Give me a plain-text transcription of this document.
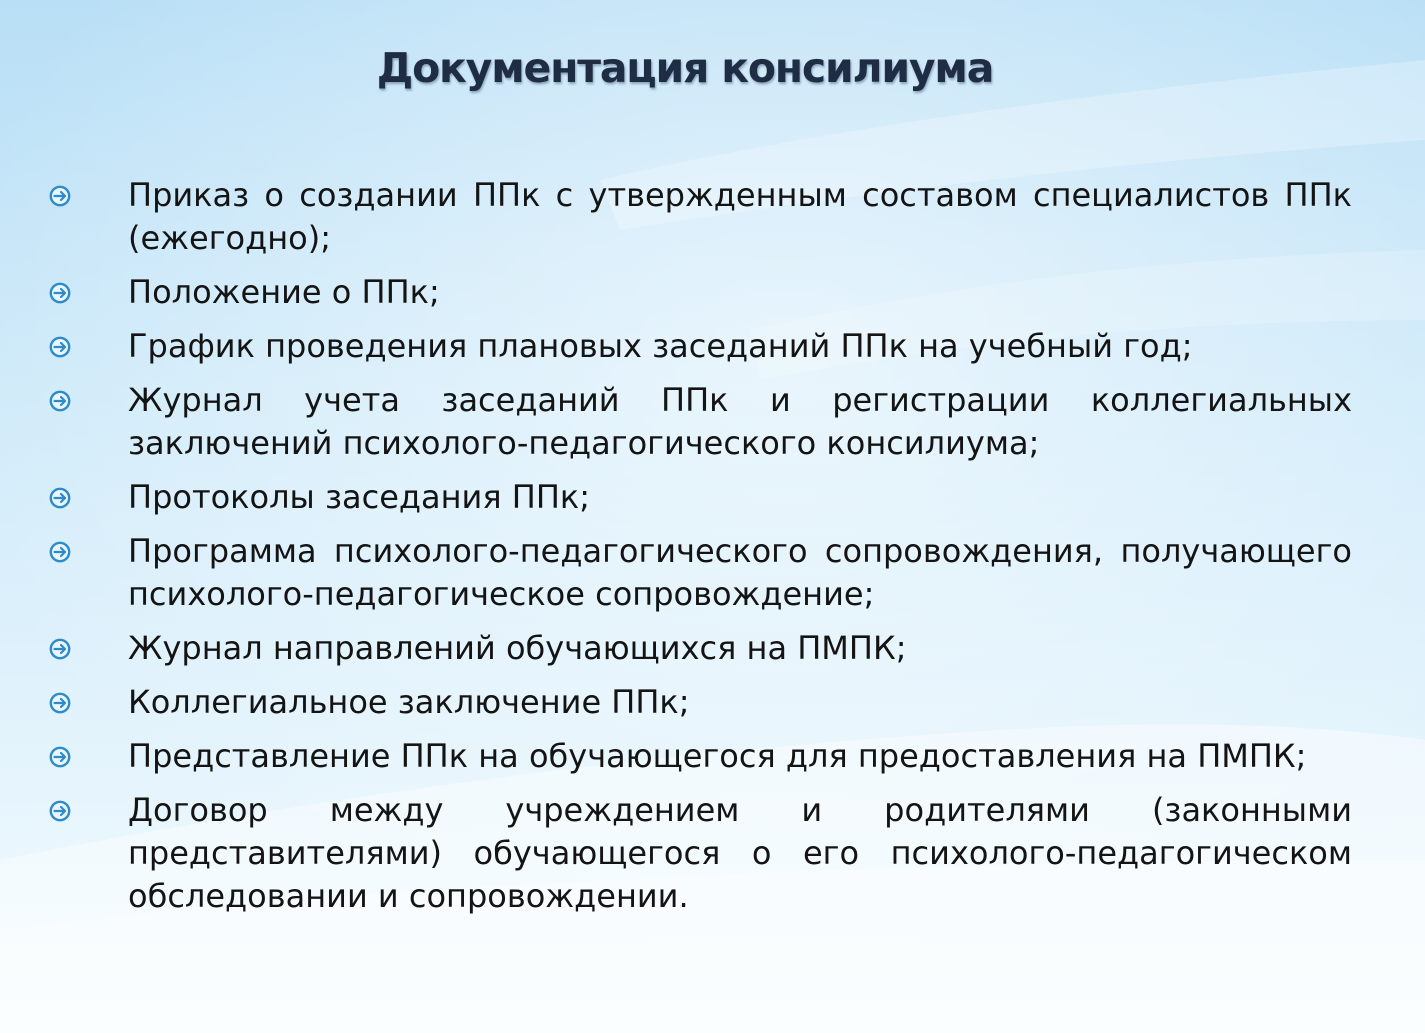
Документация консилиума
Приказ о создании ППк с утвержденным составом специалистов ППк (ежегодно);
Положение о ППк;
График проведения плановых заседаний ППк на учебный год;
Журнал учета заседаний ППк и регистрации коллегиальных заключений психолого-педагогического консилиума;
Протоколы заседания ППк;
Программа психолого-педагогического сопровождения, получающего психолого-педагогическое сопровождение;
Журнал направлений обучающихся на ПМПК;
Коллегиальное заключение ППк;
Представление ППк на обучающегося для предоставления на ПМПК;
Договор между учреждением и родителями (законными представителями) обучающегося о его психолого-педагогическом обследовании и сопровождении.
